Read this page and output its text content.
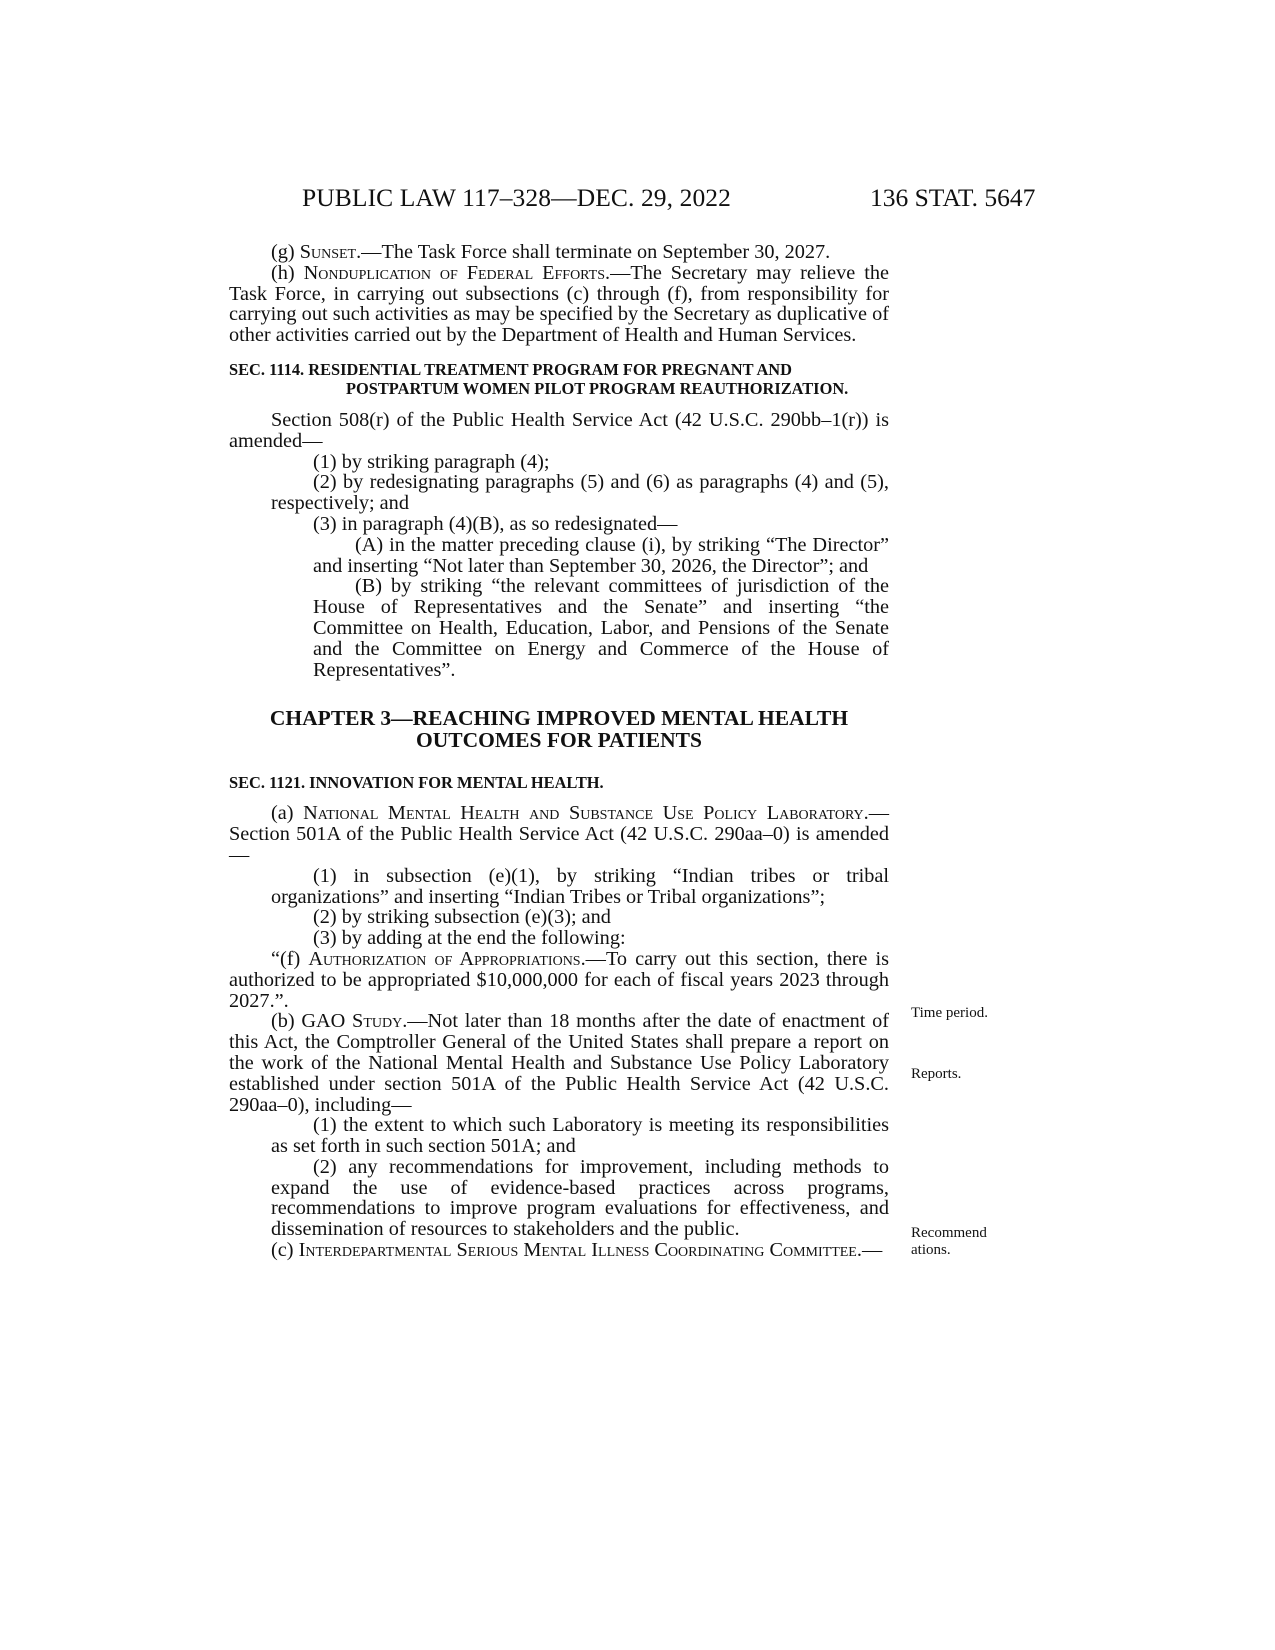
PUBLIC LAW 117–328—DEC. 29, 2022	136 STAT. 5647

(g) Sunset.—The Task Force shall terminate on September 30, 2027.

(h) Nonduplication of Federal Efforts.—The Secretary may relieve the Task Force, in carrying out subsections (c) through (f), from responsibility for carrying out such activities as may be specified by the Secretary as duplicative of other activities carried out by the Department of Health and Human Services.

SEC. 1114. RESIDENTIAL TREATMENT PROGRAM FOR PREGNANT AND POSTPARTUM WOMEN PILOT PROGRAM REAUTHORIZATION.

Section 508(r) of the Public Health Service Act (42 U.S.C. 290bb–1(r)) is amended—

(1) by striking paragraph (4);

(2) by redesignating paragraphs (5) and (6) as paragraphs (4) and (5), respectively; and

(3) in paragraph (4)(B), as so redesignated—

(A) in the matter preceding clause (i), by striking “The Director” and inserting “Not later than September 30, 2026, the Director”; and

(B) by striking “the relevant committees of jurisdiction of the House of Representatives and the Senate” and inserting “the Committee on Health, Education, Labor, and Pensions of the Senate and the Committee on Energy and Commerce of the House of Representatives”.

CHAPTER 3—REACHING IMPROVED MENTAL HEALTH
OUTCOMES FOR PATIENTS
SEC. 1121. INNOVATION FOR MENTAL HEALTH.

(a) National Mental Health and Substance Use Policy Laboratory.—Section 501A of the Public Health Service Act (42 U.S.C. 290aa–0) is amended—

(1) in subsection (e)(1), by striking “Indian tribes or tribal organizations” and inserting “Indian Tribes or Tribal organizations”;

(2) by striking subsection (e)(3); and

(3) by adding at the end the following:

“(f) Authorization of Appropriations.—To carry out this section, there is authorized to be appropriated $10,000,000 for each of fiscal years 2023 through 2027.”.

(b) GAO Study.—Not later than 18 months after the date of enactment of this Act, the Comptroller General of the United States shall prepare a report on the work of the National Mental Health and Substance Use Policy Laboratory established under section 501A of the Public Health Service Act (42 U.S.C. 290aa–0), including—

(1) the extent to which such Laboratory is meeting its responsibilities as set forth in such section 501A; and

(2) any recommendations for improvement, including methods to expand the use of evidence-based practices across programs, recommendations to improve program evaluations for effectiveness, and dissemination of resources to stakeholders and the public.

(c) Interdepartmental Serious Mental Illness Coordinating Committee.—

Time period.
Reports.
Recommendations.
